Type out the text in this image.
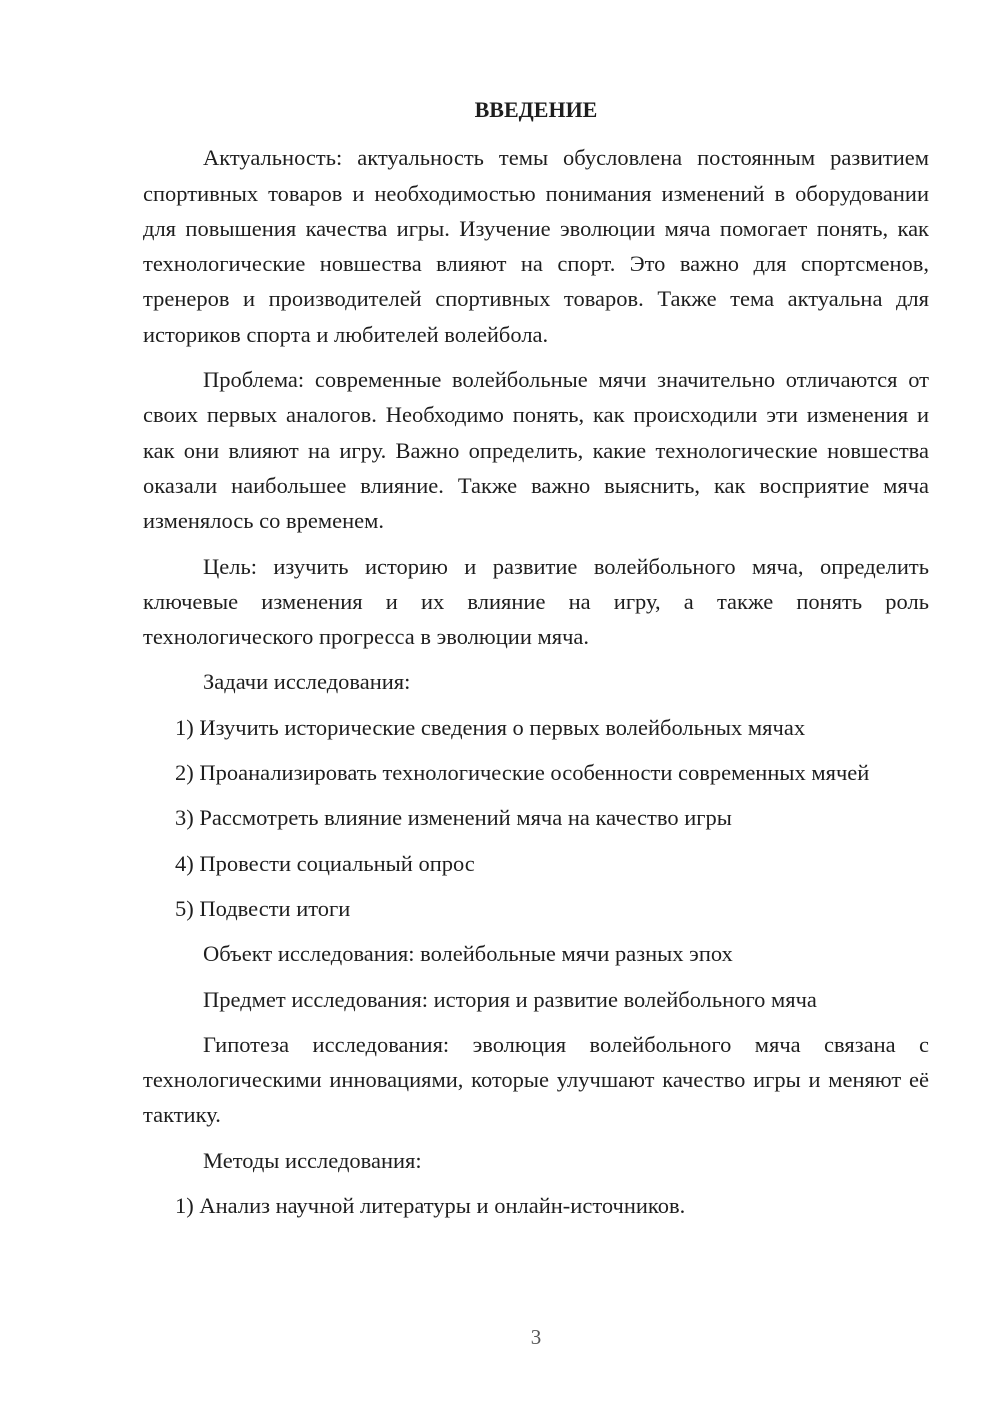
ВВЕДЕНИЕ

Актуальность: актуальность темы обусловлена постоянным развитием спортивных товаров и необходимостью понимания изменений в оборудовании для повышения качества игры. Изучение эволюции мяча помогает понять, как технологические новшества влияют на спорт. Это важно для спортсменов, тренеров и производителей спортивных товаров. Также тема актуальна для историков спорта и любителей волейбола.

Проблема: современные волейбольные мячи значительно отличаются от своих первых аналогов. Необходимо понять, как происходили эти изменения и как они влияют на игру. Важно определить, какие технологические новшества оказали наибольшее влияние. Также важно выяснить, как восприятие мяча изменялось со временем.

Цель: изучить историю и развитие волейбольного мяча, определить ключевые изменения и их влияние на игру, а также понять роль технологического прогресса в эволюции мяча.

Задачи исследования:

1) Изучить исторические сведения о первых волейбольных мячах

2) Проанализировать технологические особенности современных мячей

3) Рассмотреть влияние изменений мяча на качество игры

4) Провести социальный опрос

5) Подвести итоги

Объект исследования: волейбольные мячи разных эпох

Предмет исследования: история и развитие волейбольного мяча

Гипотеза исследования: эволюция волейбольного мяча связана с технологическими инновациями, которые улучшают качество игры и меняют её тактику.

Методы исследования:

1) Анализ научной литературы и онлайн-источников.

3
